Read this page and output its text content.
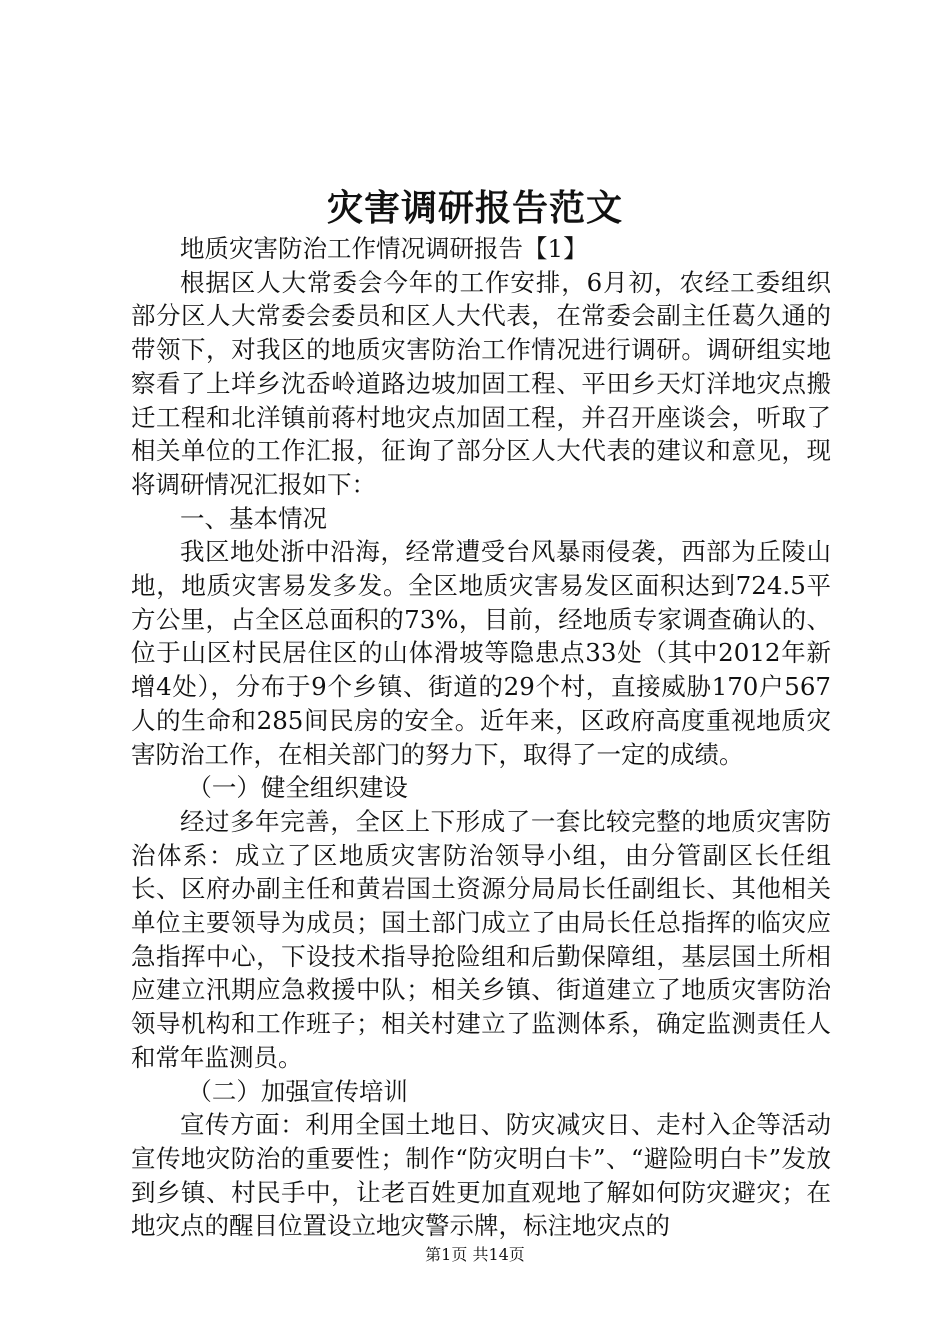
灾害调研报告范文

地质灾害防治工作情况调研报告【1】

根据区人大常委会今年的工作安排，6月初，农经工委组织部分区人大常委会委员和区人大代表，在常委会副主任葛久通的带领下，对我区的地质灾害防治工作情况进行调研。调研组实地察看了上垟乡沈岙岭道路边坡加固工程、平田乡天灯洋地灾点搬迁工程和北洋镇前蒋村地灾点加固工程，并召开座谈会，听取了相关单位的工作汇报，征询了部分区人大代表的建议和意见，现将调研情况汇报如下：

一、基本情况

我区地处浙中沿海，经常遭受台风暴雨侵袭，西部为丘陵山地，地质灾害易发多发。全区地质灾害易发区面积达到724.5平方公里，占全区总面积的73%，目前，经地质专家调查确认的、位于山区村民居住区的山体滑坡等隐患点33处（其中2012年新增4处），分布于9个乡镇、街道的29个村，直接威胁170户567人的生命和285间民房的安全。近年来，区政府高度重视地质灾害防治工作，在相关部门的努力下，取得了一定的成绩。

（一）健全组织建设

经过多年完善，全区上下形成了一套比较完整的地质灾害防治体系：成立了区地质灾害防治领导小组，由分管副区长任组长、区府办副主任和黄岩国土资源分局局长任副组长、其他相关单位主要领导为成员；国土部门成立了由局长任总指挥的临灾应急指挥中心，下设技术指导抢险组和后勤保障组，基层国土所相应建立汛期应急救援中队；相关乡镇、街道建立了地质灾害防治领导机构和工作班子；相关村建立了监测体系，确定监测责任人和常年监测员。

（二）加强宣传培训

宣传方面：利用全国土地日、防灾减灾日、走村入企等活动宣传地灾防治的重要性；制作“防灾明白卡”、“避险明白卡”发放到乡镇、村民手中，让老百姓更加直观地了解如何防灾避灾；在地灾点的醒目位置设立地灾警示牌，标注地灾点的

第1页 共14页
